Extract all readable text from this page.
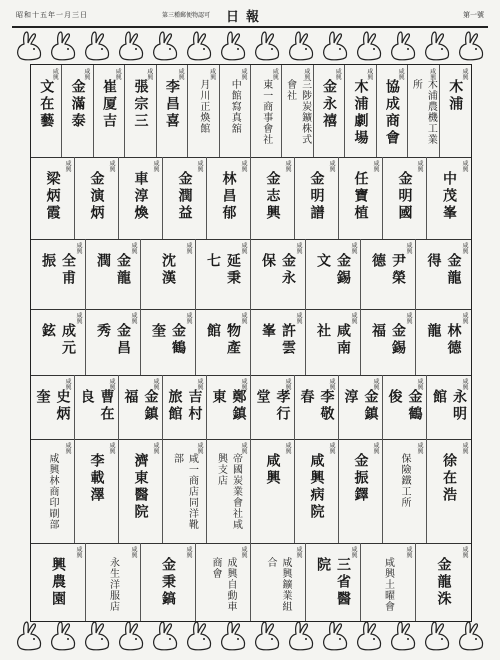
昭和十五年一月三日	第三種郵便物認可 日報	第一號
咸興
文在藝
咸興
金滿泰
咸興
崔厦吉
咸興
張宗三
咸興
李昌喜
咸興
月川正煥館
咸興
中館寫真舘
咸興
東一商事會社
咸興
三陟炭鑛株式會社
咸興
金永禧
咸興
木浦劇場
咸興
協成商會
咸興
木浦農機工業所
咸興
木浦
咸興
梁炳霞
咸興
金演炳
咸興
車淳煥
咸興
金潤益
咸興
林昌郁
咸興
金志興
咸興
金明譜
咸興
任寶植
咸興
金明國
咸興
中茂峯
咸興
全甫振
咸興
金龍潤
咸興
沈漢
咸興
延秉七
咸興
金永保
咸興
金錫文
咸興
尹榮德
咸興
金龍得
咸興
成元鉉
咸興
金昌秀
咸興
金鶴奎
咸興
物產館
咸興
許雲峯
咸興
咸南社
咸興
金錫福
咸興
林德龍
咸興
史炳奎
咸興
曹在良
咸興
金鎮福
咸興
吉村旅館
咸興
鄭鎮東
咸興
孝行堂
咸興
李敬春
咸興
金鎮淳
咸興
金鶴俊
咸興
永明館
咸興
咸興林商印刷部
咸興
李載澤
咸興
濟東醫院
咸興
咸一商店同洋靴部
咸興
帝國炭業會社咸興支店
咸興
咸興
咸興
咸興病院
咸興
金振鐸
咸興
保險鐵工所
咸興
徐在浩
咸興
興農園
咸興
永生洋服店
咸興
金秉鎬
咸興
成興自動車商會
咸興
咸興鑛業組合
咸興
三省醫院
咸興
咸興土曜會
咸興
金龍洙
